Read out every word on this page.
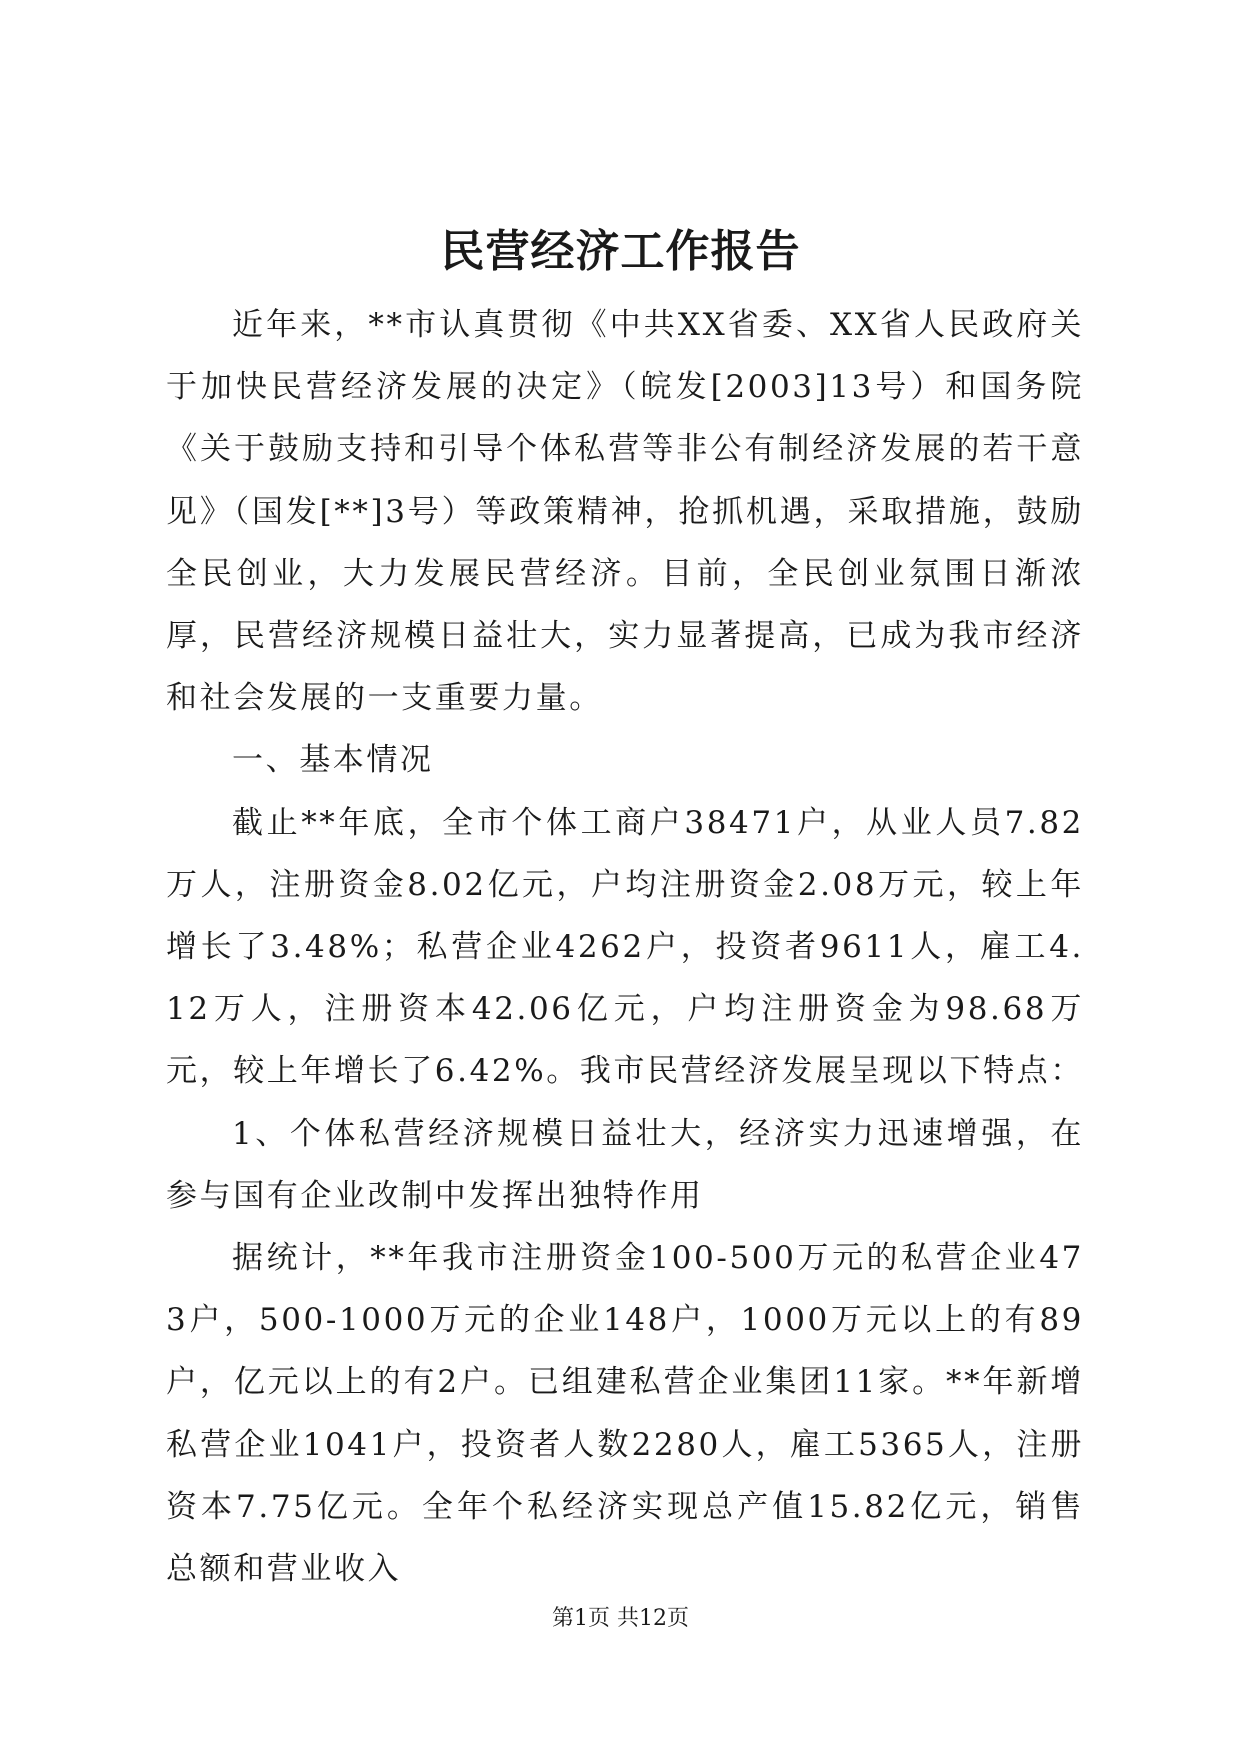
民营经济工作报告

近年来，**市认真贯彻《中共XX省委、XX省人民政府关于加快民营经济发展的决定》（皖发[2003]13号）和国务院《关于鼓励支持和引导个体私营等非公有制经济发展的若干意见》（国发[**]3号）等政策精神，抢抓机遇，采取措施，鼓励全民创业，大力发展民营经济。目前，全民创业氛围日渐浓厚，民营经济规模日益壮大，实力显著提高，已成为我市经济和社会发展的一支重要力量。

一、基本情况

截止**年底，全市个体工商户38471户，从业人员7.82万人，注册资金8.02亿元，户均注册资金2.08万元，较上年增长了3.48%；私营企业4262户，投资者9611人，雇工4.12万人，注册资本42.06亿元，户均注册资金为98.68万元，较上年增长了6.42%。我市民营经济发展呈现以下特点：

1、个体私营经济规模日益壮大，经济实力迅速增强，在参与国有企业改制中发挥出独特作用

据统计，**年我市注册资金100-500万元的私营企业473户，500-1000万元的企业148户，1000万元以上的有89户，亿元以上的有2户。已组建私营企业集团11家。**年新增私营企业1041户，投资者人数2280人，雇工5365人，注册资本7.75亿元。全年个私经济实现总产值15.82亿元，销售总额和营业收入

第1页 共12页
